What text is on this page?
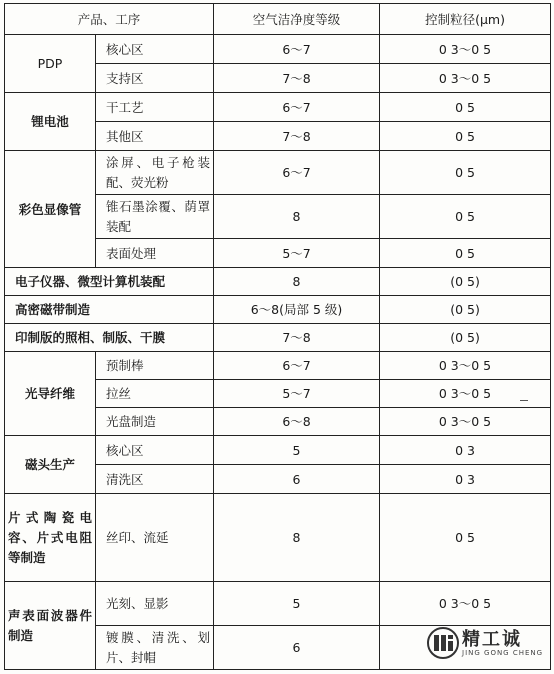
产品、工序		空气洁净度等级	控制粒径(μm)
PDP	核心区	6～7	0 3～0 5
	支持区	7～8	0 3～0 5
锂电池	干工艺	6～7	0 5
	其他区	7～8	0 5
彩色显像管	涂屏、电子枪装配、荧光粉	6～7	0 5
	锥石墨涂覆、荫罩装配	8	0 5
	表面处理	5～7	0 5
电子仪器、微型计算机装配		8	(0 5)
高密磁带制造		6～8(局部 5 级)	(0 5)
印制版的照相、制版、干膜		7～8	(0 5)
光导纤维	预制棒	6～7	0 3～0 5
	拉丝	5～7	0 3～0 5
	光盘制造	6～8	0 3～0 5
磁头生产	核心区	5	0 3
	清洗区	6	0 3
片式陶瓷电容、片式电阻等制造	丝印、流延	8	0 5
声表面波器件制造	光刻、显影	5	0 3～0 5
	镀膜、清洗、划片、封帽	6		精工诚
JING GONG CHENG
